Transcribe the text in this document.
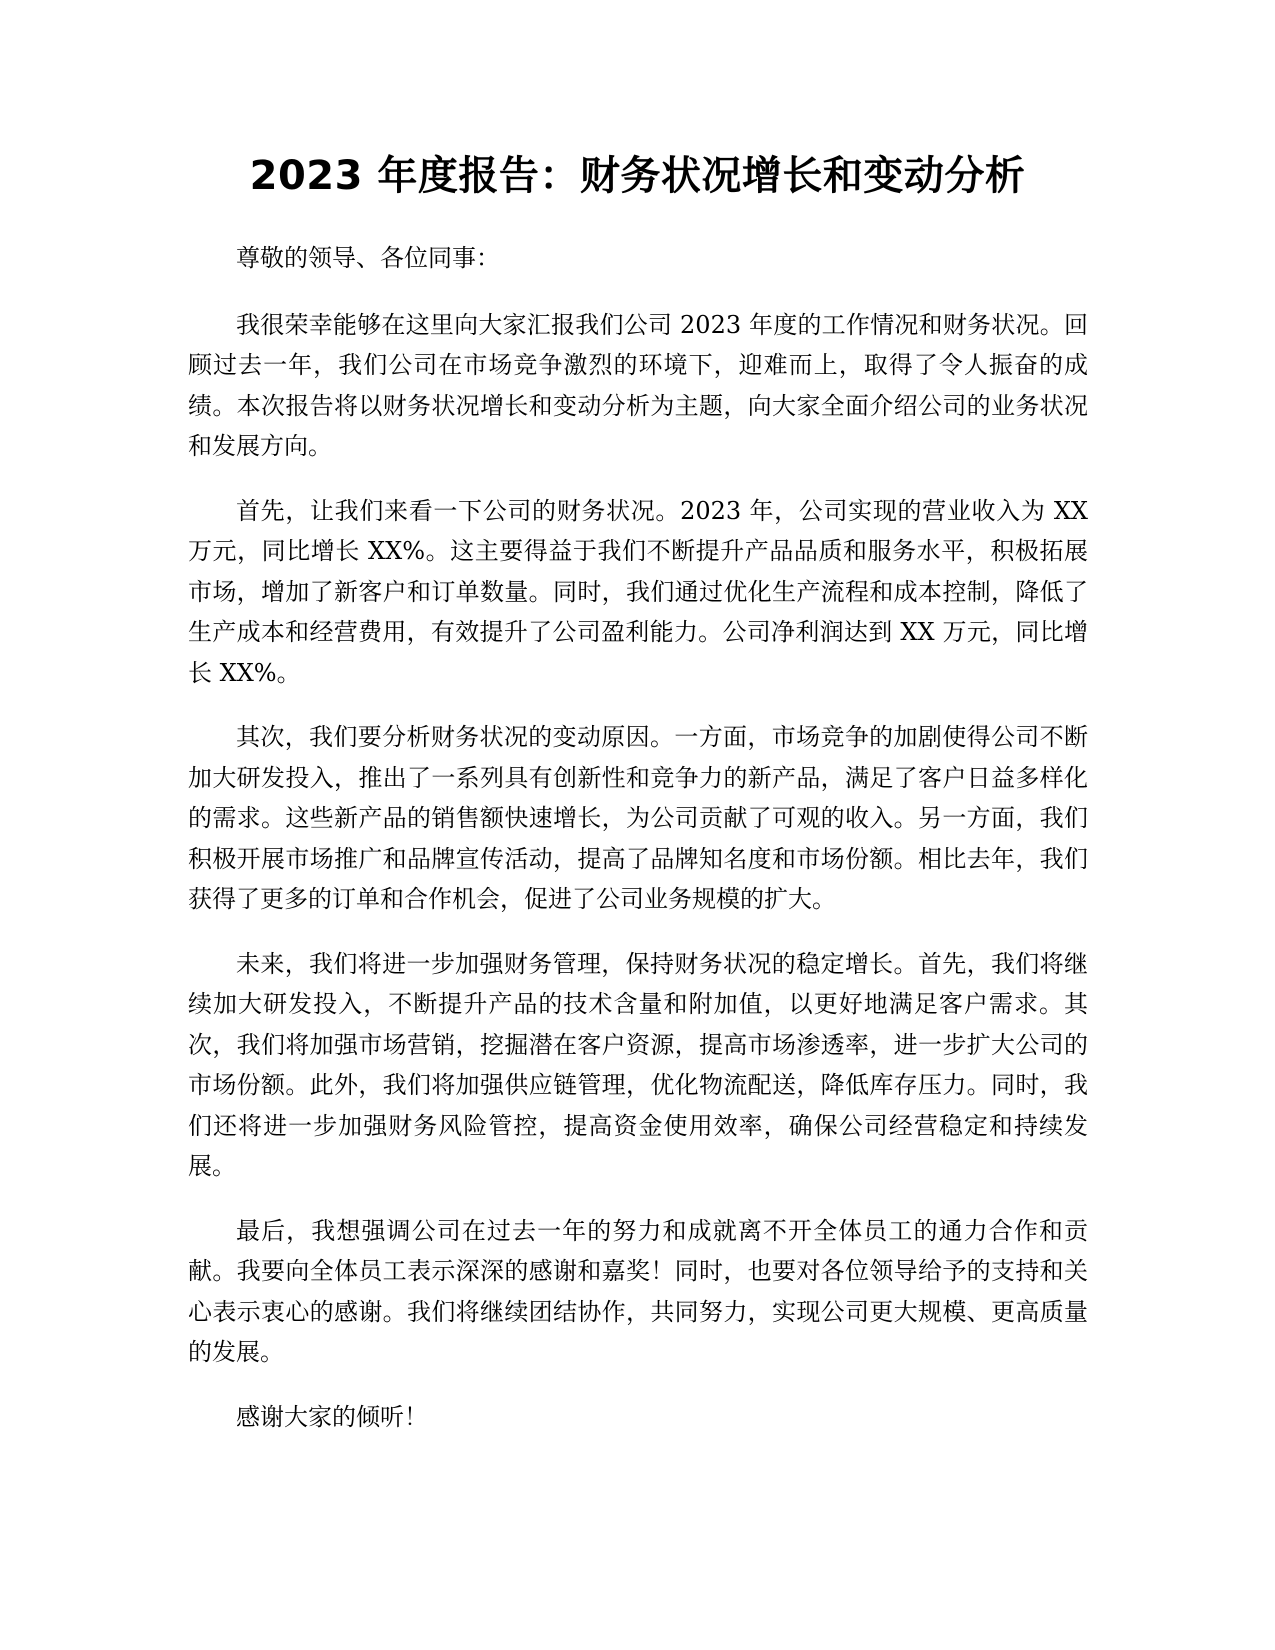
2023 年度报告：财务状况增长和变动分析

尊敬的领导、各位同事：

我很荣幸能够在这里向大家汇报我们公司 2023 年度的工作情况和财务状况。回顾过去一年，我们公司在市场竞争激烈的环境下，迎难而上，取得了令人振奋的成绩。本次报告将以财务状况增长和变动分析为主题，向大家全面介绍公司的业务状况和发展方向。

首先，让我们来看一下公司的财务状况。2023 年，公司实现的营业收入为 XX 万元，同比增长 XX%。这主要得益于我们不断提升产品品质和服务水平，积极拓展市场，增加了新客户和订单数量。同时，我们通过优化生产流程和成本控制，降低了生产成本和经营费用，有效提升了公司盈利能力。公司净利润达到 XX 万元，同比增长 XX%。

其次，我们要分析财务状况的变动原因。一方面，市场竞争的加剧使得公司不断加大研发投入，推出了一系列具有创新性和竞争力的新产品，满足了客户日益多样化的需求。这些新产品的销售额快速增长，为公司贡献了可观的收入。另一方面，我们积极开展市场推广和品牌宣传活动，提高了品牌知名度和市场份额。相比去年，我们获得了更多的订单和合作机会，促进了公司业务规模的扩大。

未来，我们将进一步加强财务管理，保持财务状况的稳定增长。首先，我们将继续加大研发投入，不断提升产品的技术含量和附加值，以更好地满足客户需求。其次，我们将加强市场营销，挖掘潜在客户资源，提高市场渗透率，进一步扩大公司的市场份额。此外，我们将加强供应链管理，优化物流配送，降低库存压力。同时，我们还将进一步加强财务风险管控，提高资金使用效率，确保公司经营稳定和持续发展。

最后，我想强调公司在过去一年的努力和成就离不开全体员工的通力合作和贡献。我要向全体员工表示深深的感谢和嘉奖！同时，也要对各位领导给予的支持和关心表示衷心的感谢。我们将继续团结协作，共同努力，实现公司更大规模、更高质量的发展。

感谢大家的倾听！
